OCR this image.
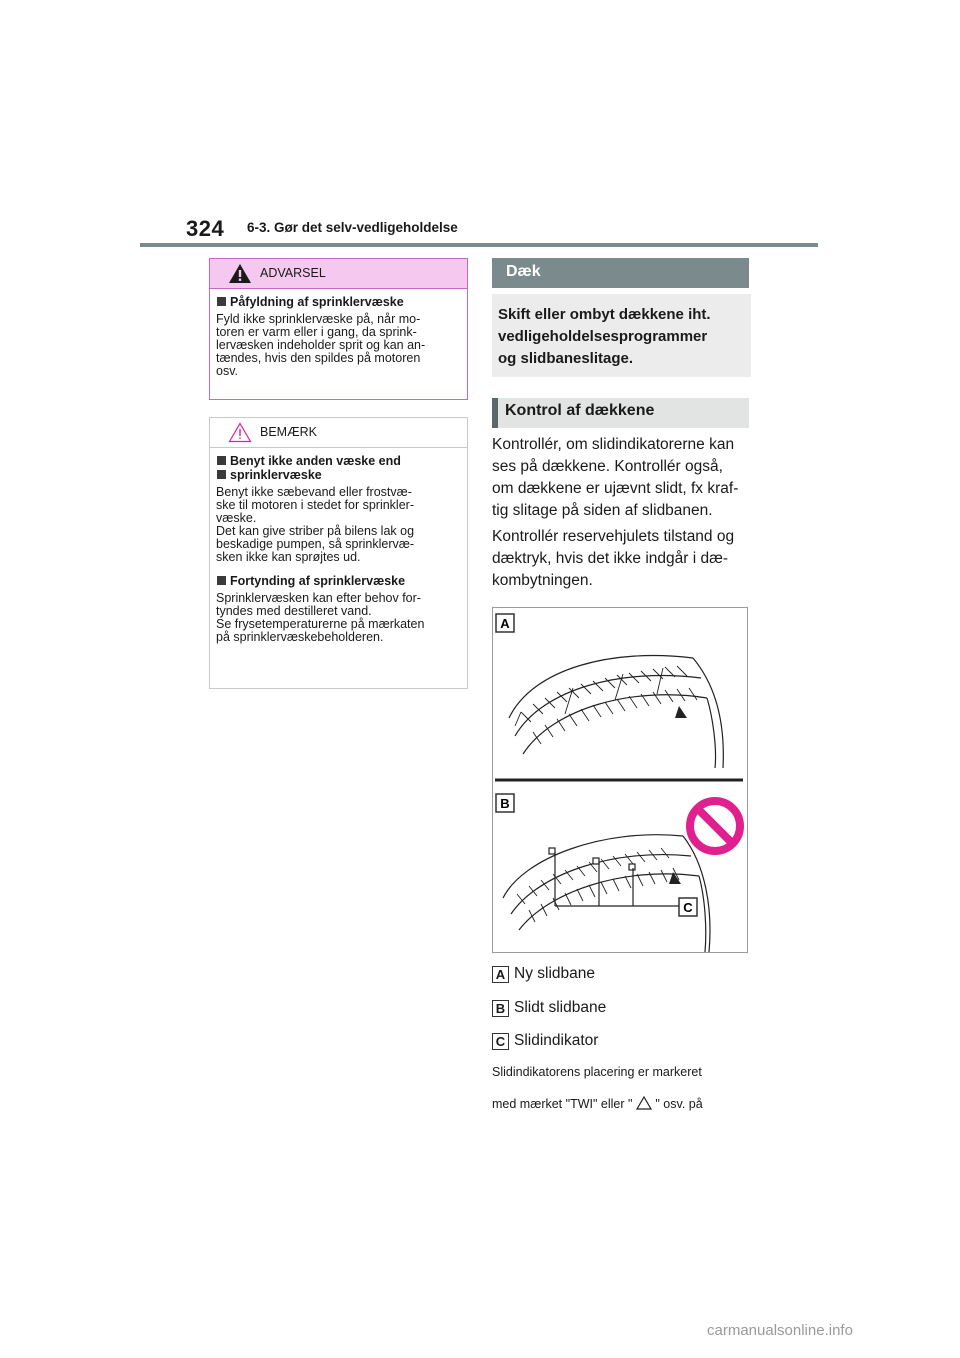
324 6-3. Gør det selv-vedligeholdelse
ADVARSEL

Påfyldning af sprinklervæske

Fyld ikke sprinklervæske på, når mo-

toren er varm eller i gang, da sprink-

lervæsken indeholder sprit og kan an-

tændes, hvis den spildes på motoren

osv.

BEMÆRK

Benyt ikke anden væske end

sprinklervæske

Benyt ikke sæbevand eller frostvæ-

ske til motoren i stedet for sprinkler-

væske.

Det kan give striber på bilens lak og

beskadige pumpen, så sprinklervæ-

sken ikke kan sprøjtes ud.

Fortynding af sprinklervæske

Sprinklervæsken kan efter behov for-

tyndes med destilleret vand.

Se frysetemperaturerne på mærkaten

på sprinklervæskebeholderen.

Dæk
Skift eller ombyt dækkene iht.
vedligeholdelsesprogrammer
og slidbaneslitage.
Kontrol af dækkene
Kontrollér, om slidindikatorerne kan
ses på dækkene. Kontrollér også,
om dækkene er ujævnt slidt, fx kraf-
tig slitage på siden af slidbanen.
Kontrollér reservehjulets tilstand og
dæktryk, hvis det ikke indgår i dæ-
kombytningen.
A
B
C
A Ny slidbane
B Slidt slidbane
C Slidindikator
Slidindikatorens placering er markeret
med mærket "TWI" eller " " osv. på
carmanualsonline.info
